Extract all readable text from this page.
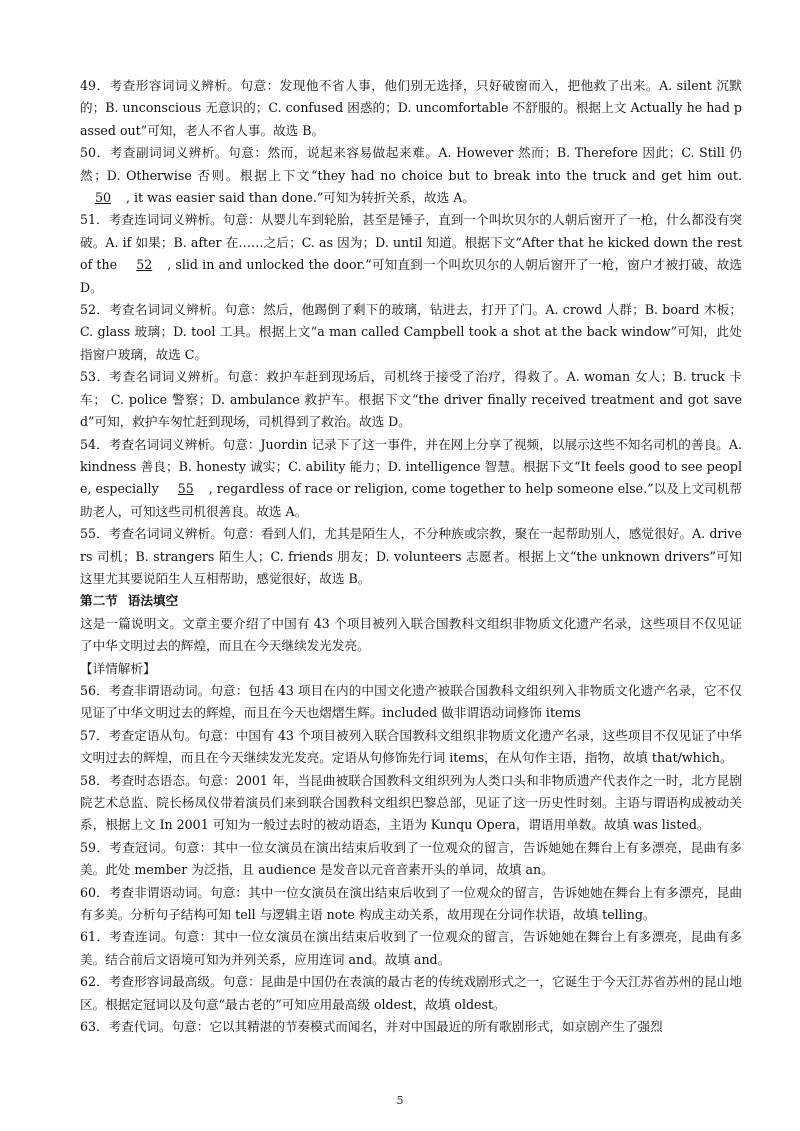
49．考查形容词词义辨析。句意：发现他不省人事，他们别无选择，只好破窗而入，把他救了出来。A. silent 沉默的；B. unconscious 无意识的；C. confused 困惑的；D. uncomfortable 不舒服的。根据上文 Actually he had passed out”可知，老人不省人事。故选 B。

50．考查副词词义辨析。句意：然而，说起来容易做起来难。A. However 然而；B. Therefore 因此；C. Still 仍然；D. Otherwise 否则。根据上下文“they had no choice but to break into the truck and get him out. 50 , it was easier said than done.”可知为转折关系，故选 A。

51．考查连词词义辨析。句意：从婴儿车到轮胎，甚至是锤子，直到一个叫坎贝尔的人朝后窗开了一枪，什么都没有突破。A. if 如果；B. after 在……之后；C. as 因为；D. until 知道。根据下文“After that he kicked down the rest of the 52 , slid in and unlocked the door.”可知直到一个叫坎贝尔的人朝后窗开了一枪，窗户才被打破，故选 D。

52．考查名词词义辨析。句意：然后，他踢倒了剩下的玻璃，钻进去，打开了门。A. crowd 人群；B. board 木板；C. glass 玻璃；D. tool 工具。根据上文“a man called Campbell took a shot at the back window”可知，此处指窗户玻璃，故选 C。

53．考查名词词义辨析。句意：救护车赶到现场后，司机终于接受了治疗，得救了。A. woman 女人；B. truck 卡车； C. police 警察；D. ambulance 救护车。根据下文“the driver finally received treatment and got saved”可知，救护车匆忙赶到现场，司机得到了救治。故选 D。

54．考查名词词义辨析。句意：Juordin 记录下了这一事件，并在网上分享了视频，以展示这些不知名司机的善良。A. kindness 善良；B. honesty 诚实；C. ability 能力；D. intelligence 智慧。根据下文“It feels good to see people, especially 55 , regardless of race or religion, come together to help someone else.”以及上文司机帮助老人，可知这些司机很善良。故选 A。

55．考查名词词义辨析。句意：看到人们，尤其是陌生人，不分种族或宗教，聚在一起帮助别人，感觉很好。A. drivers 司机；B. strangers 陌生人；C. friends 朋友；D. volunteers 志愿者。根据上文“the unknown drivers”可知这里尤其要说陌生人互相帮助，感觉很好，故选 B。

第二节 语法填空

这是一篇说明文。文章主要介绍了中国有 43 个项目被列入联合国教科文组织非物质文化遗产名录，这些项目不仅见证了中华文明过去的辉煌，而且在今天继续发光发亮。

【详情解析】

56．考查非谓语动词。句意：包括 43 项目在内的中国文化遗产被联合国教科文组织列入非物质文化遗产名录，它不仅见证了中华文明过去的辉煌，而且在今天也熠熠生辉。included 做非谓语动词修饰 items

57．考查定语从句。句意：中国有 43 个项目被列入联合国教科文组织非物质文化遗产名录，这些项目不仅见证了中华文明过去的辉煌，而且在今天继续发光发亮。定语从句修饰先行词 items，在从句作主语，指物，故填 that/which。

58．考查时态语态。句意：2001 年，当昆曲被联合国教科文组织列为人类口头和非物质遗产代表作之一时，北方昆剧院艺术总监、院长杨凤仪带着演员们来到联合国教科文组织巴黎总部，见证了这一历史性时刻。主语与谓语构成被动关系，根据上文 In 2001 可知为一般过去时的被动语态，主语为 Kunqu Opera，谓语用单数。故填 was listed。

59．考查冠词。句意：其中一位女演员在演出结束后收到了一位观众的留言，告诉她她在舞台上有多漂亮，昆曲有多美。此处 member 为泛指，且 audience 是发音以元音音素开头的单词，故填 an。

60．考查非谓语动词。句意：其中一位女演员在演出结束后收到了一位观众的留言，告诉她她在舞台上有多漂亮，昆曲有多美。分析句子结构可知 tell 与逻辑主语 note 构成主动关系，故用现在分词作状语，故填 telling。

61．考查连词。句意：其中一位女演员在演出结束后收到了一位观众的留言，告诉她她在舞台上有多漂亮，昆曲有多美。结合前后文语境可知为并列关系，应用连词 and。故填 and。

62．考查形容词最高级。句意：昆曲是中国仍在表演的最古老的传统戏剧形式之一，它诞生于今天江苏省苏州的昆山地区。根据定冠词以及句意“最古老的”可知应用最高级 oldest，故填 oldest。

63．考查代词。句意：它以其精湛的节奏模式而闻名，并对中国最近的所有歌剧形式，如京剧产生了强烈

5
